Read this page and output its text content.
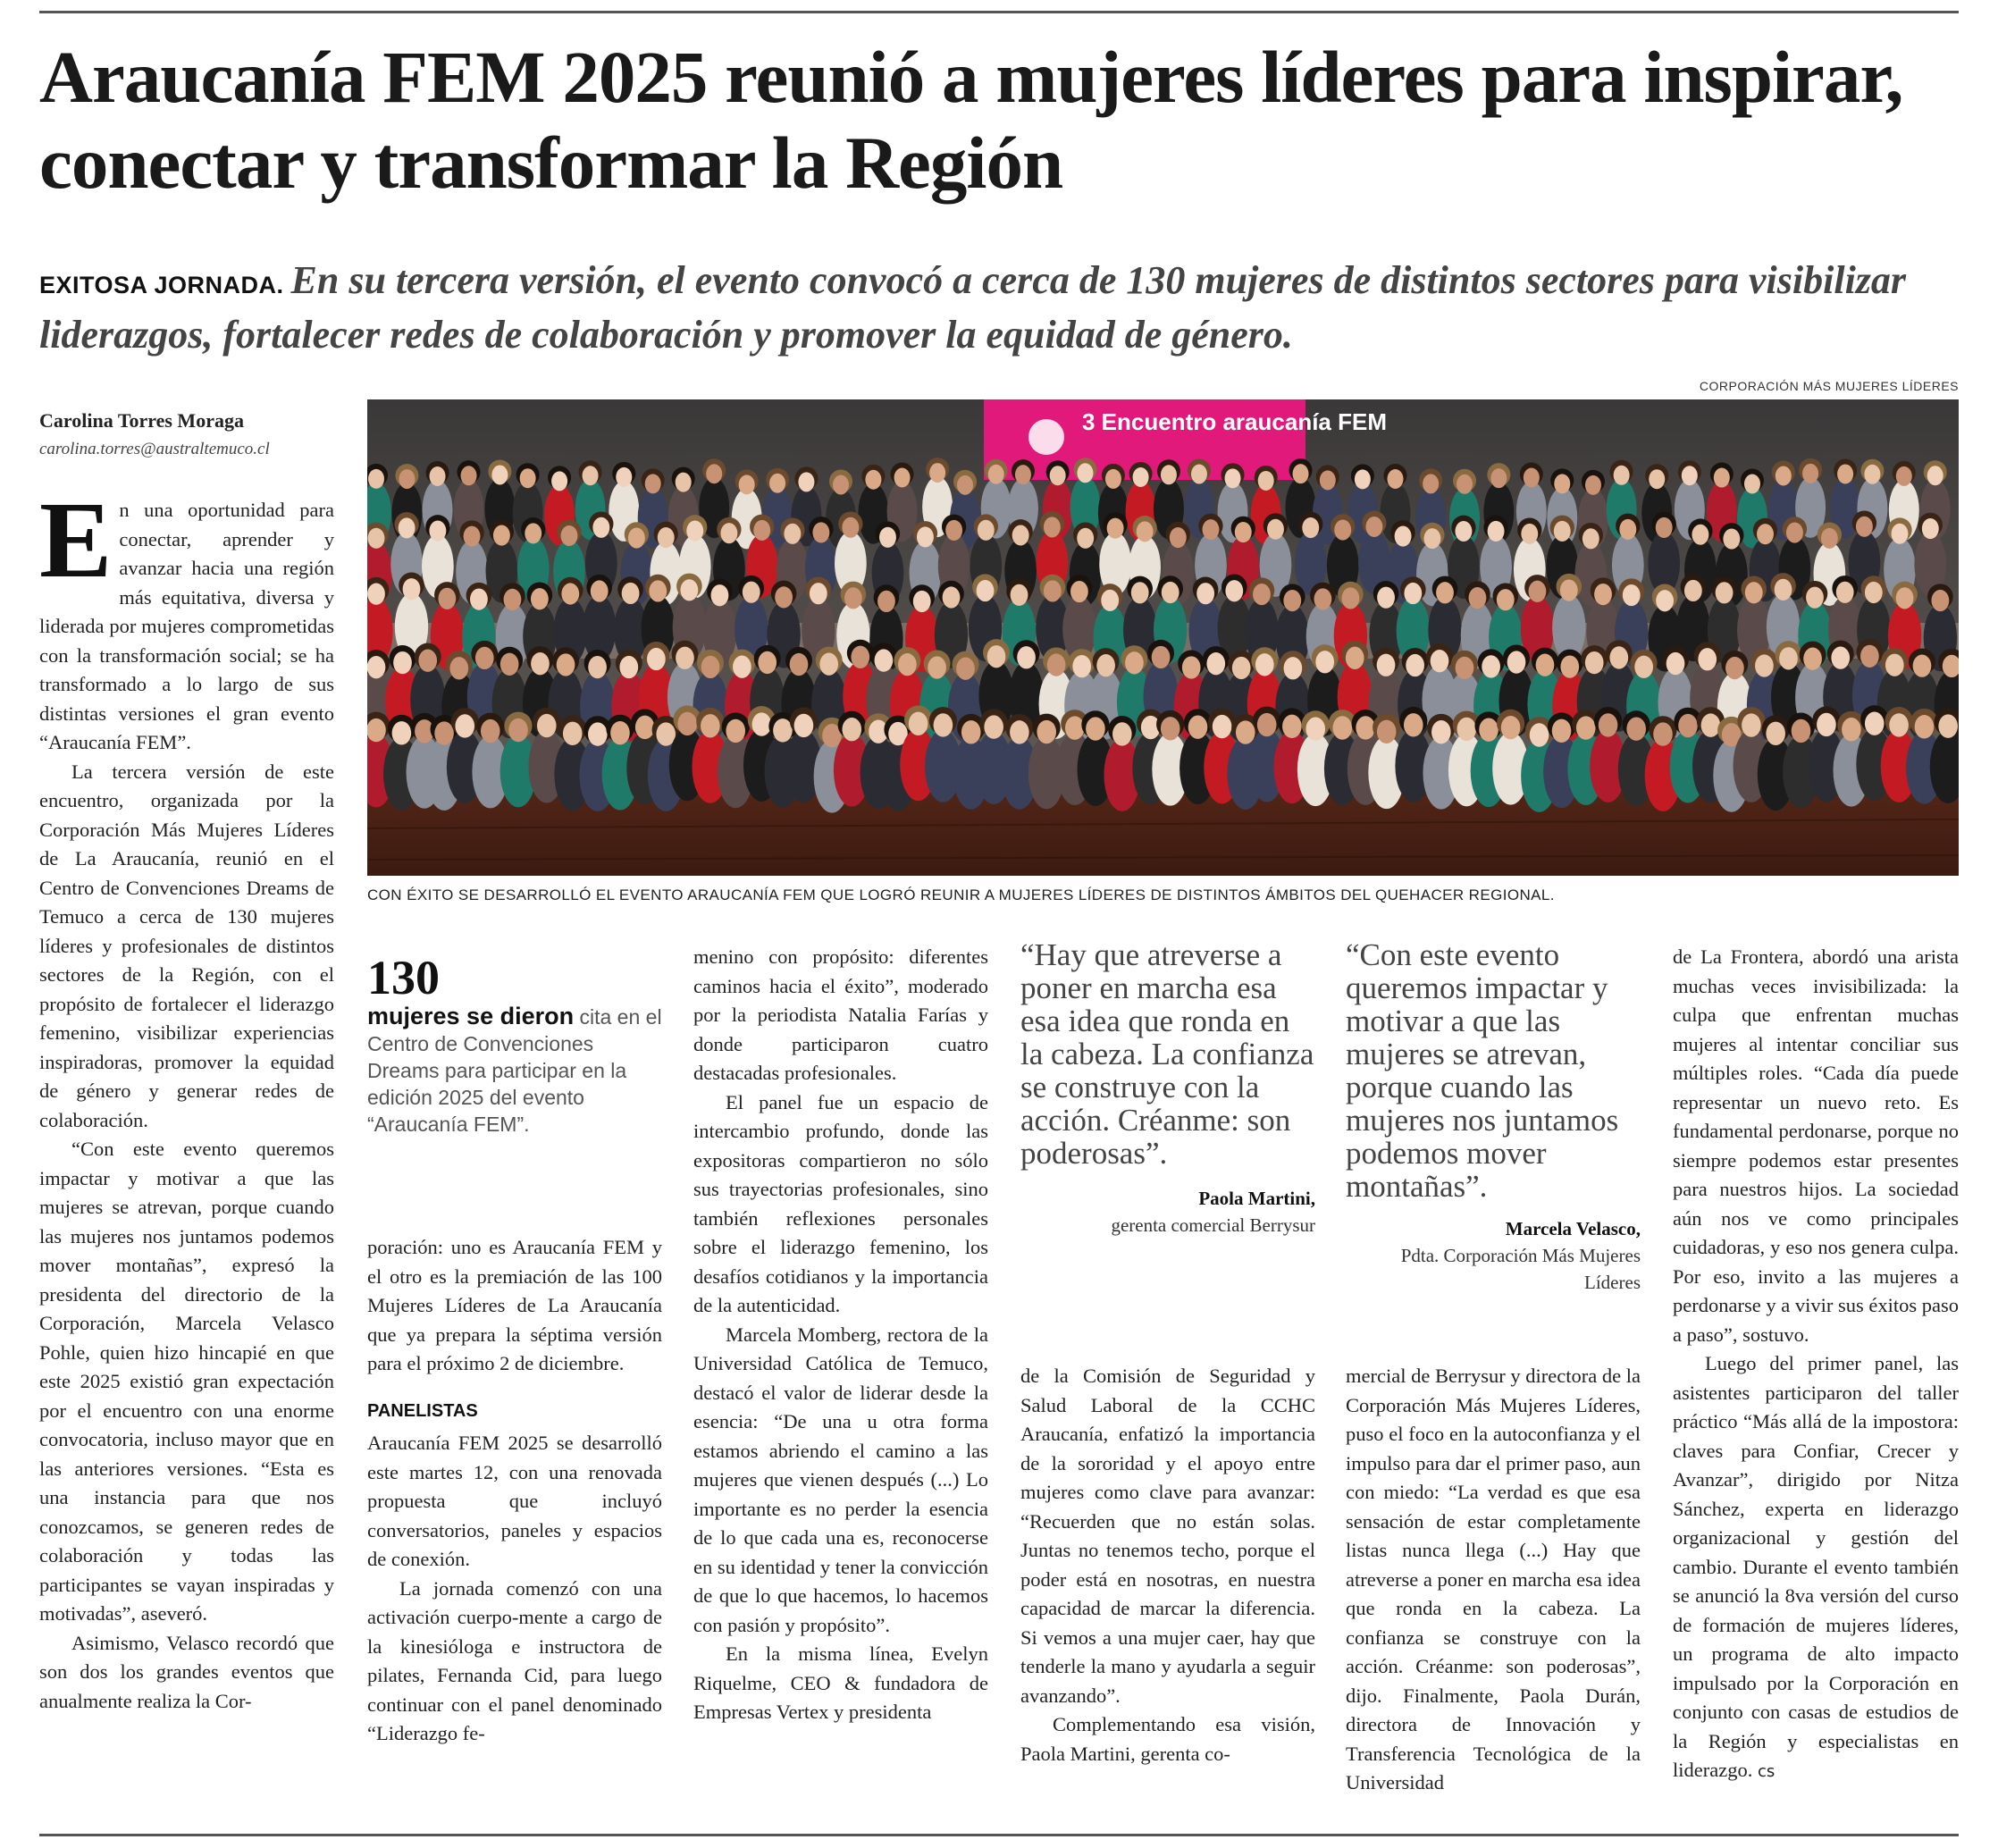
Araucanía FEM 2025 reunió a mujeres líderes para inspirar, conectar y transformar la Región

EXITOSA JORNADA. En su tercera versión, el evento convocó a cerca de 130 mujeres de distintos sectores para visibilizar liderazgos, fortalecer redes de colaboración y promover la equidad de género.

CORPORACIÓN MÁS MUJERES LÍDERES
Carolina Torres Moraga
carolina.torres@australtemuco.cl
3 Encuentro araucanía FEM
CON ÉXITO SE DESARROLLÓ EL EVENTO ARAUCANÍA FEM QUE LOGRÓ REUNIR A MUJERES LÍDERES DE DISTINTOS ÁMBITOS DEL QUEHACER REGIONAL.

En una oportunidad para conectar, aprender y avanzar hacia una región más equitativa, diversa y liderada por mujeres comprometidas con la transformación social; se ha transformado a lo largo de sus distintas versiones el gran evento “Araucanía FEM”.

La tercera versión de este encuentro, organizada por la Corporación Más Mujeres Líderes de La Araucanía, reunió en el Centro de Convenciones Dreams de Temuco a cerca de 130 mujeres líderes y profesionales de distintos sectores de la Región, con el propósito de fortalecer el liderazgo femenino, visibilizar experiencias inspiradoras, promover la equidad de género y generar redes de colaboración.

“Con este evento queremos impactar y motivar a que las mujeres se atrevan, porque cuando las mujeres nos juntamos podemos mover montañas”, expresó la presidenta del directorio de la Corporación, Marcela Velasco Pohle, quien hizo hincapié en que este 2025 existió gran expectación por el encuentro con una enorme convocatoria, incluso mayor que en las anteriores versiones. “Esta es una instancia para que nos conozcamos, se generen redes de colaboración y todas las participantes se vayan inspiradas y motivadas”, aseveró.

Asimismo, Velasco recordó que son dos los grandes eventos que anualmente realiza la Cor-

130
mujeres se dieron cita en el Centro de Convenciones Dreams para participar en la edición 2025 del evento “Araucanía FEM”.

poración: uno es Araucanía FEM y el otro es la premiación de las 100 Mujeres Líderes de La Araucanía que ya prepara la séptima versión para el próximo 2 de diciembre.

PANELISTAS

Araucanía FEM 2025 se desarrolló este martes 12, con una renovada propuesta que incluyó conversatorios, paneles y espacios de conexión.

La jornada comenzó con una activación cuerpo-mente a cargo de la kinesióloga e instructora de pilates, Fernanda Cid, para luego continuar con el panel denominado “Liderazgo fe-

menino con propósito: diferentes caminos hacia el éxito”, moderado por la periodista Natalia Farías y donde participaron cuatro destacadas profesionales.

El panel fue un espacio de intercambio profundo, donde las expositoras compartieron no sólo sus trayectorias profesionales, sino también reflexiones personales sobre el liderazgo femenino, los desafíos cotidianos y la importancia de la autenticidad.

Marcela Momberg, rectora de la Universidad Católica de Temuco, destacó el valor de liderar desde la esencia: “De una u otra forma estamos abriendo el camino a las mujeres que vienen después (...) Lo importante es no perder la esencia de lo que cada una es, reconocerse en su identidad y tener la convicción de que lo que hacemos, lo hacemos con pasión y propósito”.

En la misma línea, Evelyn Riquelme, CEO & fundadora de Empresas Vertex y presidenta

“Hay que atreverse a poner en marcha esa esa idea que ronda en la cabeza. La confianza se construye con la acción. Créanme: son poderosas”.
Paola Martini,
gerenta comercial Berrysur
“Con este evento queremos impactar y motivar a que las mujeres se atrevan, porque cuando las mujeres nos juntamos podemos mover montañas”.
Marcela Velasco,
Pdta. Corporación Más Mujeres Líderes

de la Comisión de Seguridad y Salud Laboral de la CCHC Araucanía, enfatizó la importancia de la sororidad y el apoyo entre mujeres como clave para avanzar: “Recuerden que no están solas. Juntas no tenemos techo, porque el poder está en nosotras, en nuestra capacidad de marcar la diferencia. Si vemos a una mujer caer, hay que tenderle la mano y ayudarla a seguir avanzando”.

Complementando esa visión, Paola Martini, gerenta co-

mercial de Berrysur y directora de la Corporación Más Mujeres Líderes, puso el foco en la autoconfianza y el impulso para dar el primer paso, aun con miedo: “La verdad es que esa sensación de estar completamente listas nunca llega (...) Hay que atreverse a poner en marcha esa idea que ronda en la cabeza. La confianza se construye con la acción. Créanme: son poderosas”, dijo. Finalmente, Paola Durán, directora de Innovación y Transferencia Tecnológica de la Universidad

de La Frontera, abordó una arista muchas veces invisibilizada: la culpa que enfrentan muchas mujeres al intentar conciliar sus múltiples roles. “Cada día puede representar un nuevo reto. Es fundamental perdonarse, porque no siempre podemos estar presentes para nuestros hijos. La sociedad aún nos ve como principales cuidadoras, y eso nos genera culpa. Por eso, invito a las mujeres a perdonarse y a vivir sus éxitos paso a paso”, sostuvo.

Luego del primer panel, las asistentes participaron del taller práctico “Más allá de la impostora: claves para Confiar, Crecer y Avanzar”, dirigido por Nitza Sánchez, experta en liderazgo organizacional y gestión del cambio. Durante el evento también se anunció la 8va versión del curso de formación de mujeres líderes, un programa de alto impacto impulsado por la Corporación en conjunto con casas de estudios de la Región y especialistas en liderazgo. cs
